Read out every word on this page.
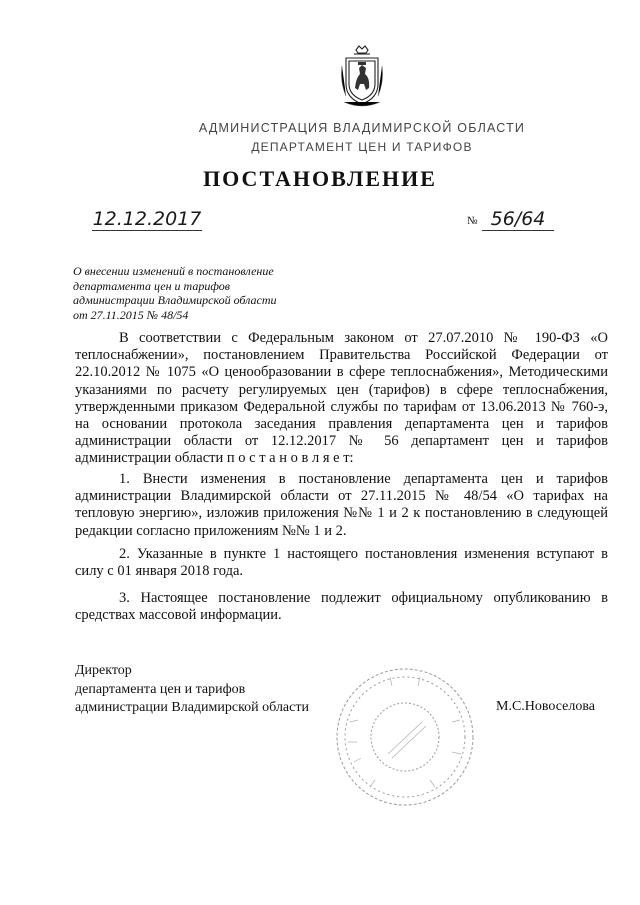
АДМИНИСТРАЦИЯ ВЛАДИМИРСКОЙ ОБЛАСТИ
ДЕПАРТАМЕНТ ЦЕН И ТАРИФОВ
ПОСТАНОВЛЕНИЕ
12.12.2017	№ 56/64
О внесении изменений в постановление
департамента цен и тарифов
администрации Владимирской области
от 27.11.2015 № 48/54
В соответствии с Федеральным законом от 27.07.2010 № 190-ФЗ «О теплоснабжении», постановлением Правительства Российской Федерации от 22.10.2012 № 1075 «О ценообразовании в сфере теплоснабжения», Методическими указаниями по расчету регулируемых цен (тарифов) в сфере теплоснабжения, утвержденными приказом Федеральной службы по тарифам от 13.06.2013 № 760-э, на основании протокола заседания правления департамента цен и тарифов администрации области от 12.12.2017 № 56 департамент цен и тарифов администрации области п о с т а н о в л я е т:
1. Внести изменения в постановление департамента цен и тарифов администрации Владимирской области от 27.11.2015 № 48/54 «О тарифах на тепловую энергию», изложив приложения №№ 1 и 2 к постановлению в следующей редакции согласно приложениям №№ 1 и 2.
2. Указанные в пункте 1 настоящего постановления изменения вступают в силу с 01 января 2018 года.
3. Настоящее постановление подлежит официальному опубликованию в средствах массовой информации.
Директор
департамента цен и тарифов
администрации Владимирской области	М.С.Новоселова
